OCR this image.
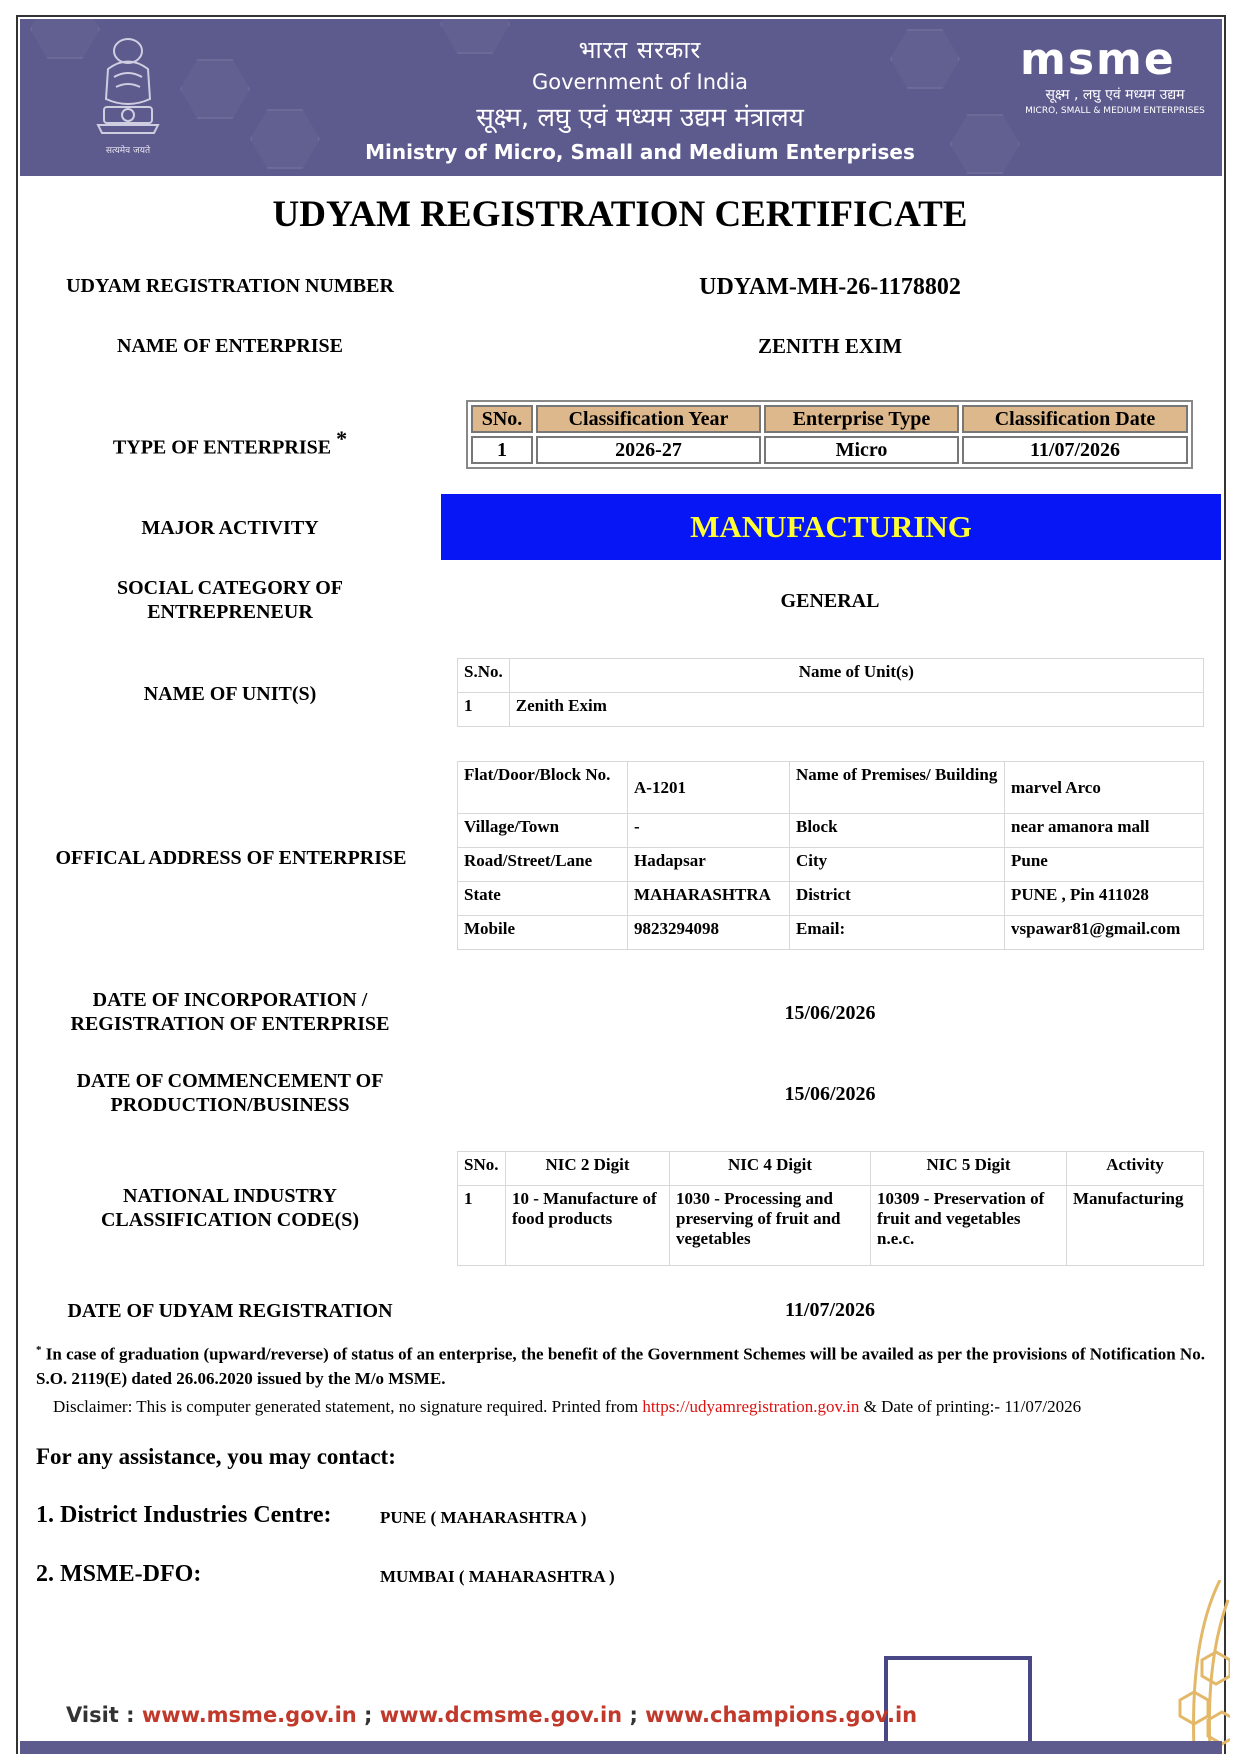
सत्यमेव जयते
भारत सरकार
Government of India
सूक्ष्म, लघु एवं मध्यम उद्यम मंत्रालय
Ministry of Micro, Small and Medium Enterprises
msme
सूक्ष्म , लघु एवं मध्यम उद्यम
MICRO, SMALL & MEDIUM ENTERPRISES
UDYAM REGISTRATION CERTIFICATE
UDYAM REGISTRATION NUMBER	UDYAM-MH-26-1178802
NAME OF ENTERPRISE	ZENITH EXIM
TYPE OF ENTERPRISE *
SNo.	Classification Year	Enterprise Type	Classification Date
1	2026-27	Micro	11/07/2026
MAJOR ACTIVITY	MANUFACTURING
SOCIAL CATEGORY OF
ENTREPRENEUR	GENERAL
NAME OF UNIT(S)
S.No.	Name of Unit(s)
1	Zenith Exim
OFFICAL ADDRESS OF ENTERPRISE
Flat/Door/Block No.	A-1201	Name of Premises/ Building	marvel Arco
Village/Town	-	Block	near amanora mall
Road/Street/Lane	Hadapsar	City	Pune
State	MAHARASHTRA	District	PUNE , Pin 411028
Mobile	9823294098	Email:	vspawar81@gmail.com
DATE OF INCORPORATION /
REGISTRATION OF ENTERPRISE	15/06/2026
DATE OF COMMENCEMENT OF
PRODUCTION/BUSINESS	15/06/2026
NATIONAL INDUSTRY
CLASSIFICATION CODE(S)
SNo.	NIC 2 Digit	NIC 4 Digit	NIC 5 Digit	Activity
1	10 - Manufacture of food products	1030 - Processing and preserving of fruit and vegetables	10309 - Preservation of fruit and vegetables n.e.c.	Manufacturing
DATE OF UDYAM REGISTRATION	11/07/2026
* In case of graduation (upward/reverse) of status of an enterprise, the benefit of the Government Schemes will be availed as per the provisions of Notification No. S.O. 2119(E) dated 26.06.2020 issued by the M/o MSME.
Disclaimer: This is computer generated statement, no signature required. Printed from https://udyamregistration.gov.in & Date of printing:- 11/07/2026
For any assistance, you may contact:
1. District Industries Centre:	PUNE ( MAHARASHTRA )
2. MSME-DFO:	MUMBAI ( MAHARASHTRA )
Visit : www.msme.gov.in ; www.dcmsme.gov.in ; www.champions.gov.in
